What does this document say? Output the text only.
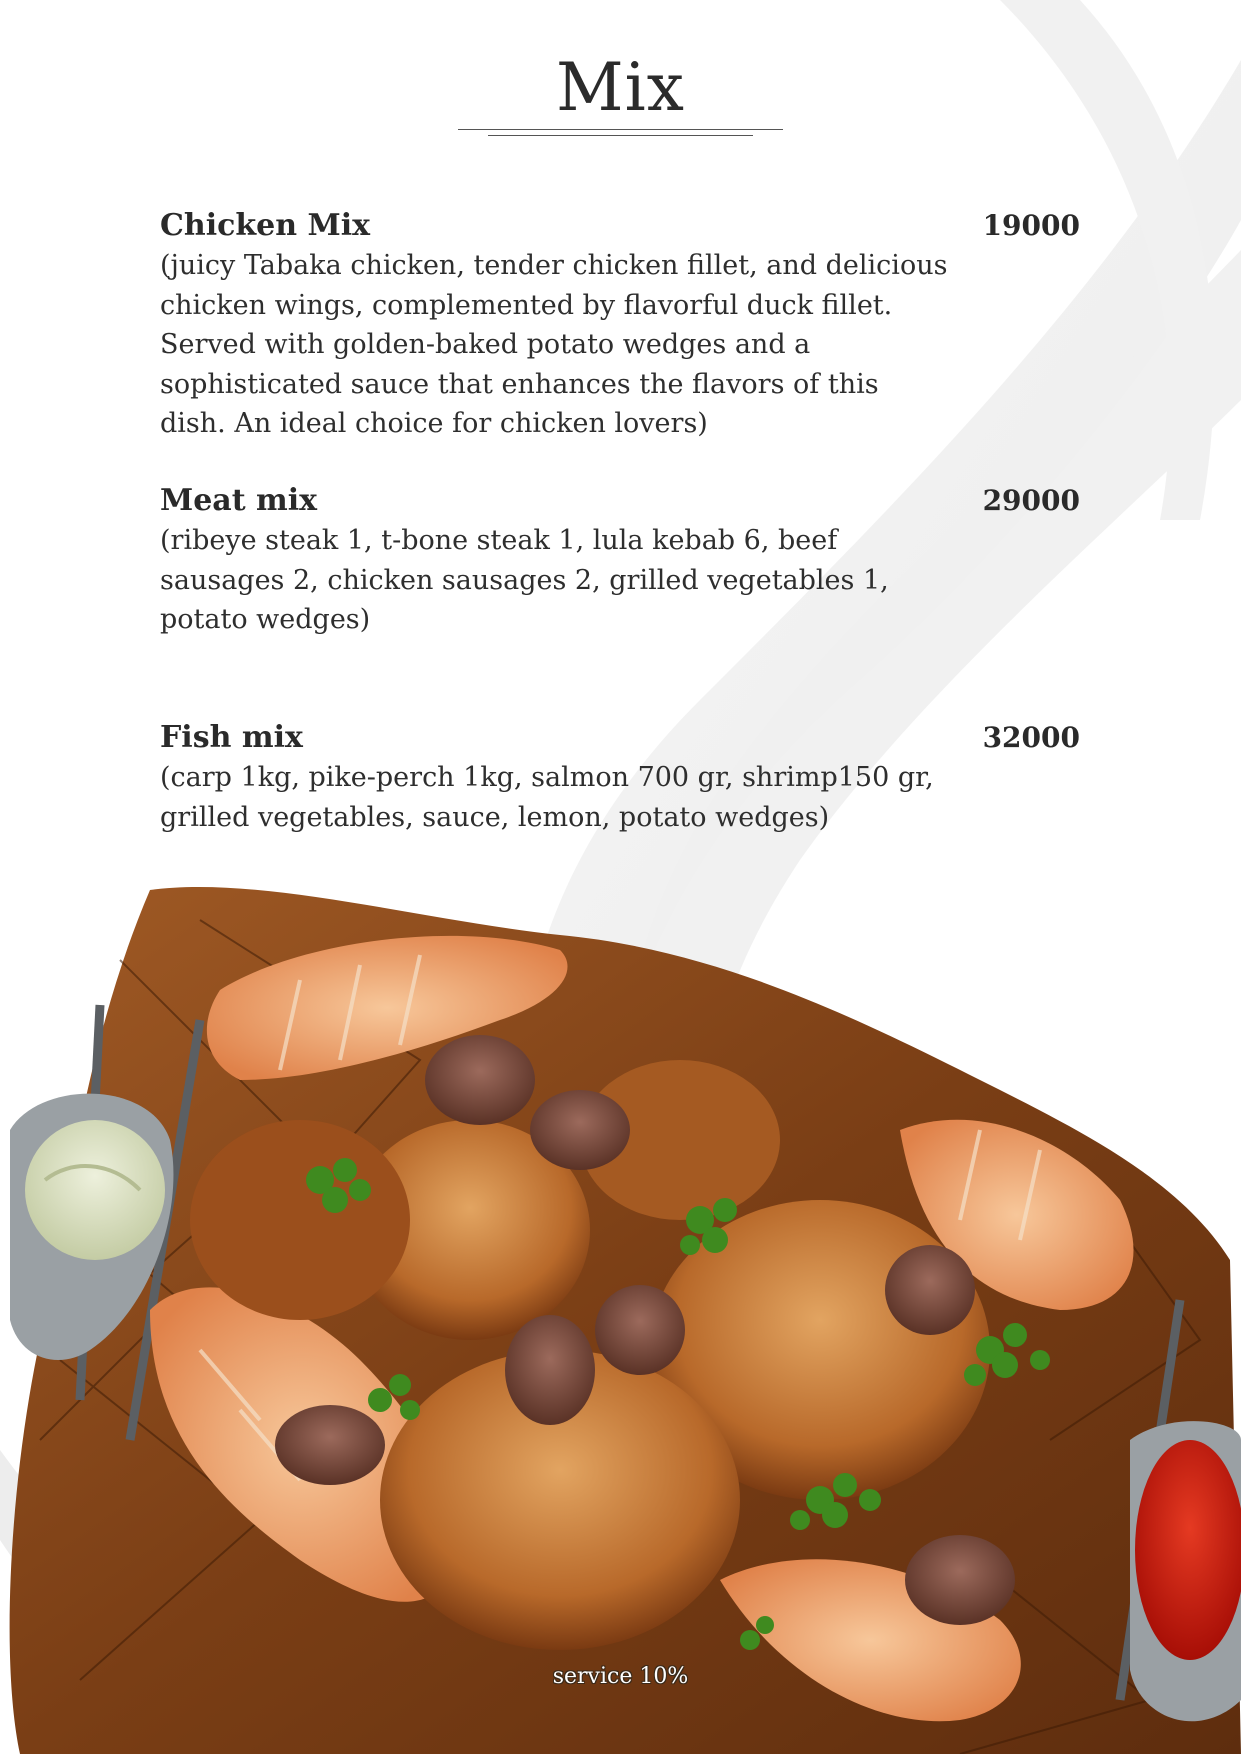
Mix
Chicken Mix	19000
(juicy Tabaka chicken, tender chicken fillet, and delicious
chicken wings, complemented by flavorful duck fillet.
Served with golden-baked potato wedges and a
sophisticated sauce that enhances the flavors of this
dish. An ideal choice for chicken lovers)
Meat mix	29000
(ribeye steak 1, t-bone steak 1, lula kebab 6, beef
sausages 2, chicken sausages 2, grilled vegetables 1,
potato wedges)
Fish mix	32000
(carp 1kg, pike-perch 1kg, salmon 700 gr, shrimp150 gr,
grilled vegetables, sauce, lemon, potato wedges)
service 10%
